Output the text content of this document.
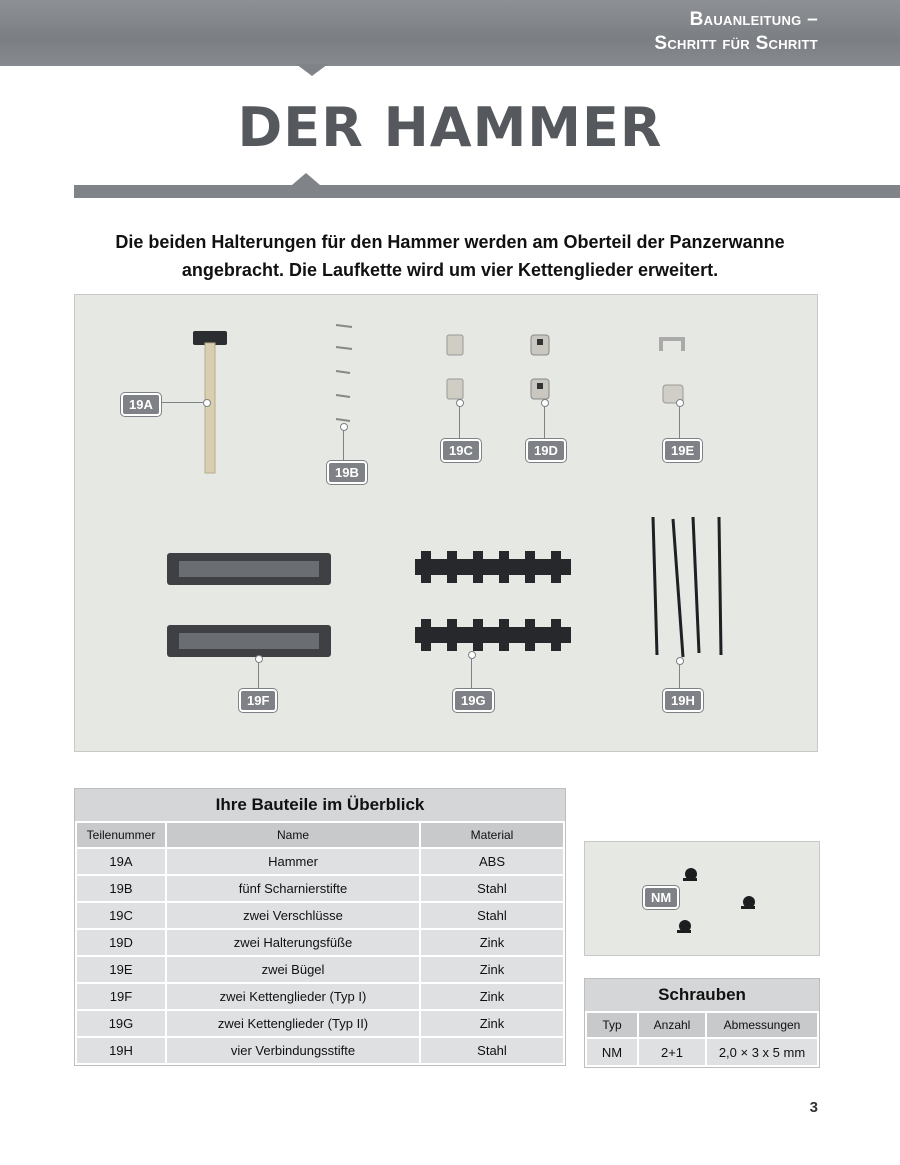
Bauanleitung –
Schritt für Schritt
DER HAMMER
Die beiden Halterungen für den Hammer werden am Oberteil der Panzerwanne
angebracht. Die Laufkette wird um vier Kettenglieder erweitert.
19A
19B
19C	19D	19E
19F	19G	19H
Ihre Bauteile im Überblick
Teilenummer	Name	Material
19A	Hammer	ABS
19B	fünf Scharnierstifte	Stahl
19C	zwei Verschlüsse	Stahl
19D	zwei Halterungsfüße	Zink
19E	zwei Bügel	Zink
19F	zwei Kettenglieder (Typ I)	Zink
19G	zwei Kettenglieder (Typ II)	Zink
19H	vier Verbindungsstifte	Stahl
NM
Schrauben
Typ	Anzahl	Abmessungen
NM	2+1	2,0 × 3 x 5 mm
3
